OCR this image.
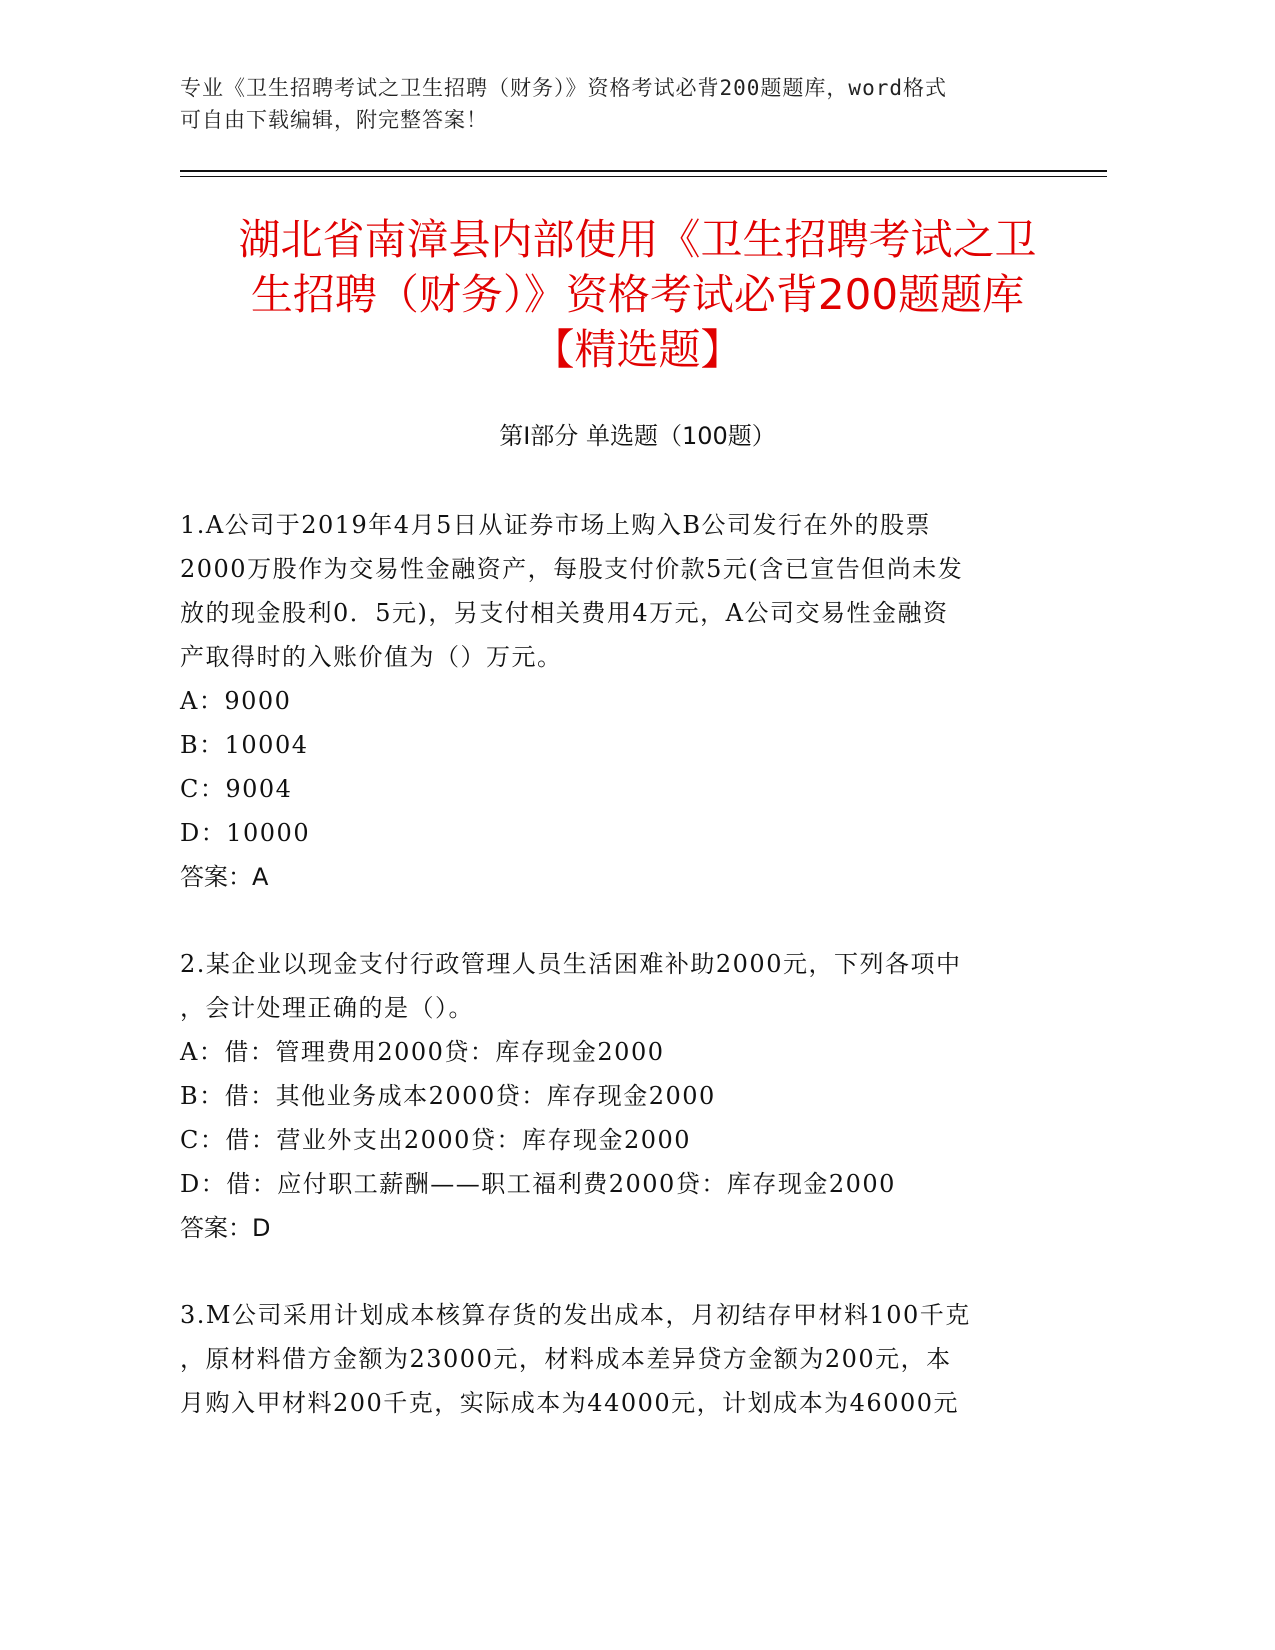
专业《卫生招聘考试之卫生招聘（财务）》资格考试必背200题题库，word格式
可自由下载编辑，附完整答案！
湖北省南漳县内部使用《卫生招聘考试之卫
生招聘（财务）》资格考试必背200题题库
【精选题】
第Ⅰ部分 单选题（100题）
1.A公司于2019年4月5日从证券市场上购入B公司发行在外的股票
2000万股作为交易性金融资产，每股支付价款5元(含已宣告但尚未发
放的现金股利0．5元)，另支付相关费用4万元，A公司交易性金融资
产取得时的入账价值为（）万元。
A：9000
B：10004
C：9004
D：10000
答案：A
2.某企业以现金支付行政管理人员生活困难补助2000元，下列各项中
，会计处理正确的是（）。
A：借：管理费用2000贷：库存现金2000
B：借：其他业务成本2000贷：库存现金2000
C：借：营业外支出2000贷：库存现金2000
D：借：应付职工薪酬——职工福利费2000贷：库存现金2000
答案：D
3.M公司采用计划成本核算存货的发出成本，月初结存甲材料100千克
，原材料借方金额为23000元，材料成本差异贷方金额为200元，本
月购入甲材料200千克，实际成本为44000元，计划成本为46000元
